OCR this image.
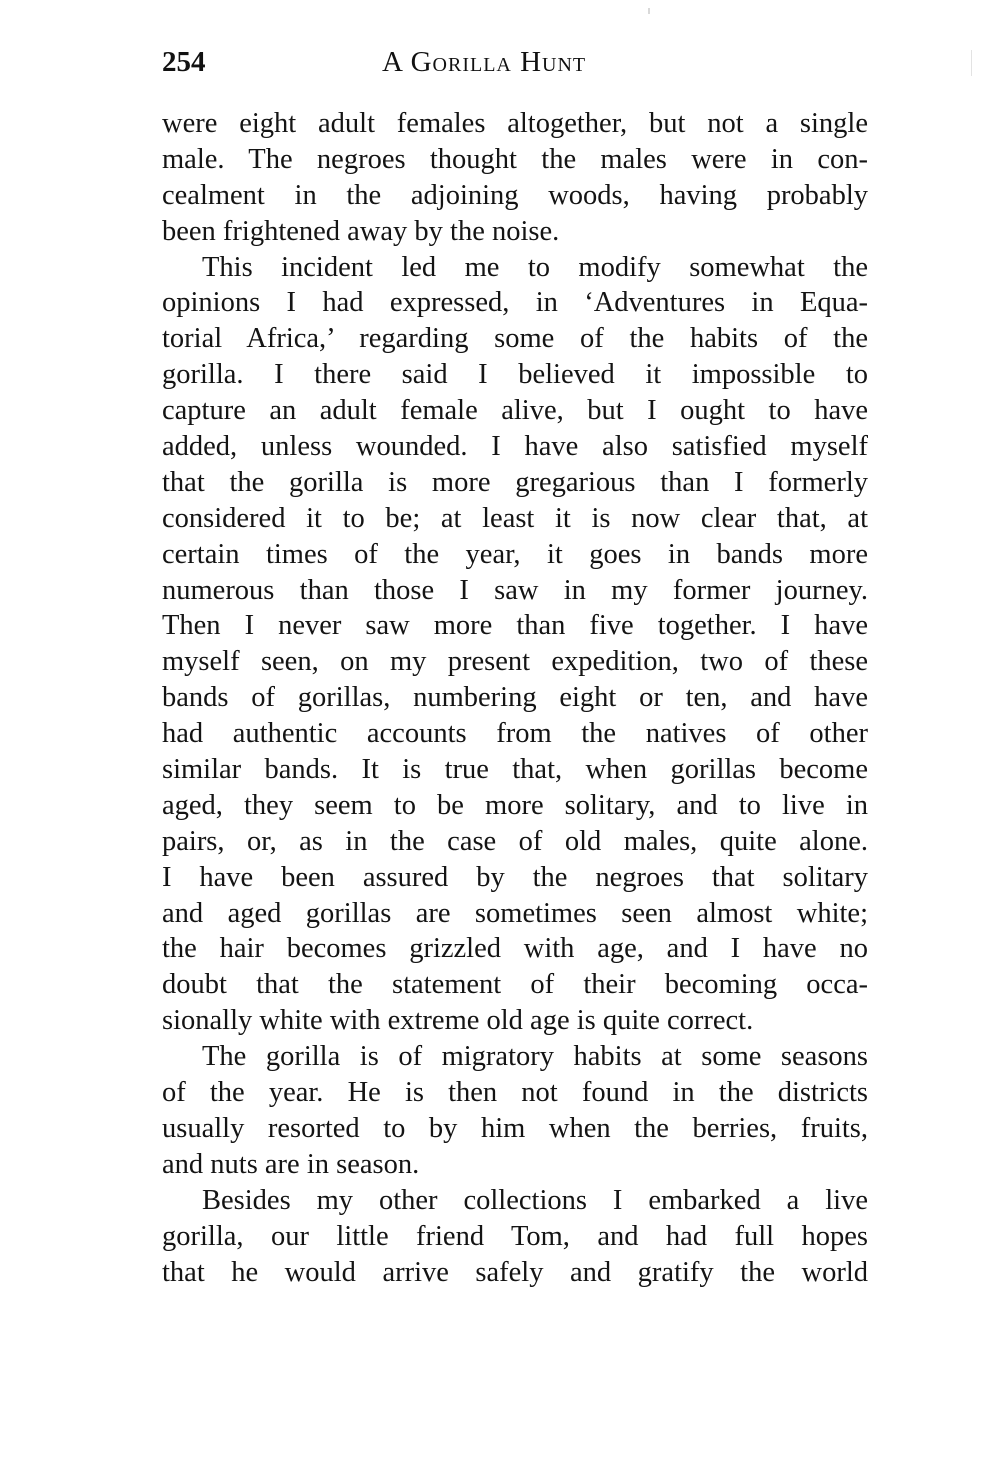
254	A Gorilla Hunt
were eight adult females altogether, but not a single
male. The negroes thought the males were in con-
cealment in the adjoining woods, having probably
been frightened away by the noise.
This incident led me to modify somewhat the
opinions I had expressed, in ‘Adventures in Equa-
torial Africa,’ regarding some of the habits of the
gorilla. I there said I believed it impossible to
capture an adult female alive, but I ought to have
added, unless wounded. I have also satisfied myself
that the gorilla is more gregarious than I formerly
considered it to be; at least it is now clear that, at
certain times of the year, it goes in bands more
numerous than those I saw in my former journey.
Then I never saw more than five together. I have
myself seen, on my present expedition, two of these
bands of gorillas, numbering eight or ten, and have
had authentic accounts from the natives of other
similar bands. It is true that, when gorillas become
aged, they seem to be more solitary, and to live in
pairs, or, as in the case of old males, quite alone.
I have been assured by the negroes that solitary
and aged gorillas are sometimes seen almost white;
the hair becomes grizzled with age, and I have no
doubt that the statement of their becoming occa-
sionally white with extreme old age is quite correct.
The gorilla is of migratory habits at some seasons
of the year. He is then not found in the districts
usually resorted to by him when the berries, fruits,
and nuts are in season.
Besides my other collections I embarked a live
gorilla, our little friend Tom, and had full hopes
that he would arrive safely and gratify the world
